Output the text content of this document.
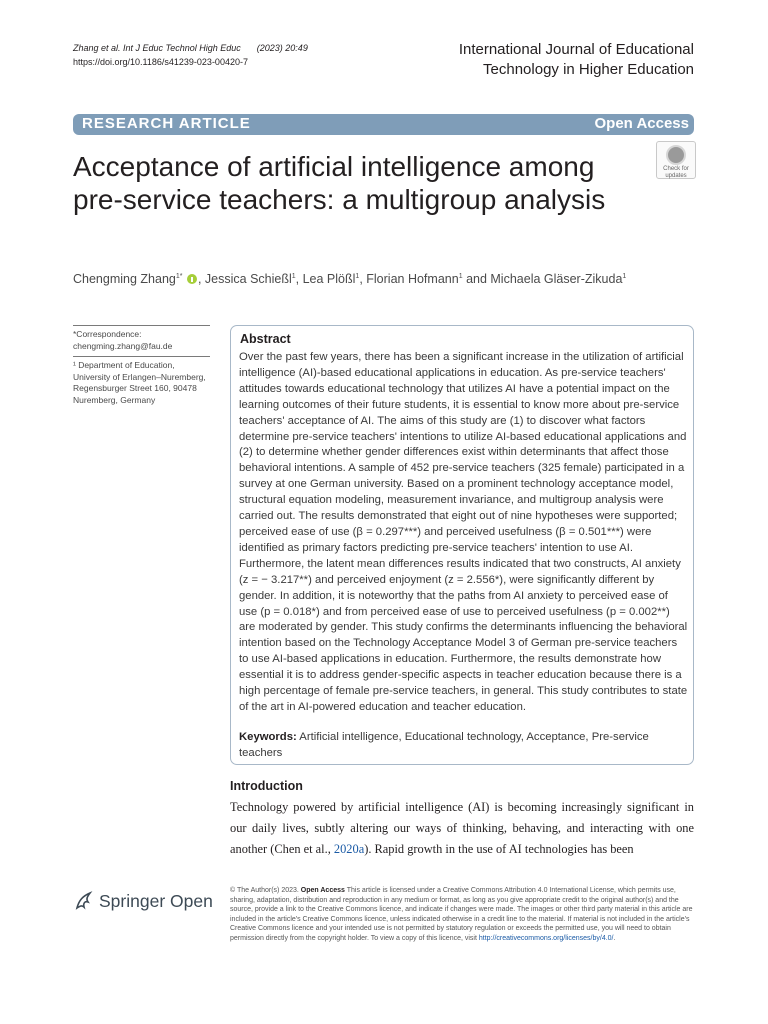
Zhang et al. Int J Educ Technol High Educ (2023) 20:49
https://doi.org/10.1186/s41239-023-00420-7
International Journal of Educational
Technology in Higher Education
RESEARCH ARTICLE	Open Access
Check for
updates
Acceptance of artificial intelligence among pre-service teachers: a multigroup analysis
Chengming Zhang$^{1*}$ , Jessica Schießl$^1$, Lea Plößl$^1$, Florian Hofmann$^1$ and Michaela Gläser-Zikuda$^1$
*Correspondence:
chengming.zhang@fau.de
¹ Department of Education, University of Erlangen–Nuremberg, Regensburger Street 160, 90478 Nuremberg, Germany
Abstract
Over the past few years, there has been a significant increase in the utilization of artificial intelligence (AI)-based educational applications in education. As pre-service teachers' attitudes towards educational technology that utilizes AI have a potential impact on the learning outcomes of their future students, it is essential to know more about pre-service teachers' acceptance of AI. The aims of this study are (1) to discover what factors determine pre-service teachers' intentions to utilize AI-based educational applications and (2) to determine whether gender differences exist within determinants that affect those behavioral intentions. A sample of 452 pre-service teachers (325 female) participated in a survey at one German university. Based on a prominent technology acceptance model, structural equation modeling, measurement invariance, and multigroup analysis were carried out. The results demonstrated that eight out of nine hypotheses were supported; perceived ease of use (β = 0.297***) and perceived usefulness (β = 0.501***) were identified as primary factors predicting pre-service teachers' intention to use AI. Furthermore, the latent mean differences results indicated that two constructs, AI anxiety (z = − 3.217**) and perceived enjoyment (z = 2.556*), were significantly different by gender. In addition, it is noteworthy that the paths from AI anxiety to perceived ease of use (p = 0.018*) and from perceived ease of use to perceived usefulness (p = 0.002**) are moderated by gender. This study confirms the determinants influencing the behavioral intention based on the Technology Acceptance Model 3 of German pre-service teachers to use AI-based applications in education. Furthermore, the results demonstrate how essential it is to address gender-specific aspects in teacher education because there is a high percentage of female pre-service teachers, in general. This study contributes to state of the art in AI-powered education and teacher education.
Keywords: Artificial intelligence, Educational technology, Acceptance, Pre-service teachers
Introduction
Technology powered by artificial intelligence (AI) is becoming increasingly significant in our daily lives, subtly altering our ways of thinking, behaving, and interacting with one another (Chen et al., 2020a). Rapid growth in the use of AI technologies has been
Springer Open
© The Author(s) 2023. Open Access This article is licensed under a Creative Commons Attribution 4.0 International License, which permits use, sharing, adaptation, distribution and reproduction in any medium or format, as long as you give appropriate credit to the original author(s) and the source, provide a link to the Creative Commons licence, and indicate if changes were made. The images or other third party material in this article are included in the article's Creative Commons licence, unless indicated otherwise in a credit line to the material. If material is not included in the article's Creative Commons licence and your intended use is not permitted by statutory regulation or exceeds the permitted use, you will need to obtain permission directly from the copyright holder. To view a copy of this licence, visit http://creativecommons.org/licenses/by/4.0/.
